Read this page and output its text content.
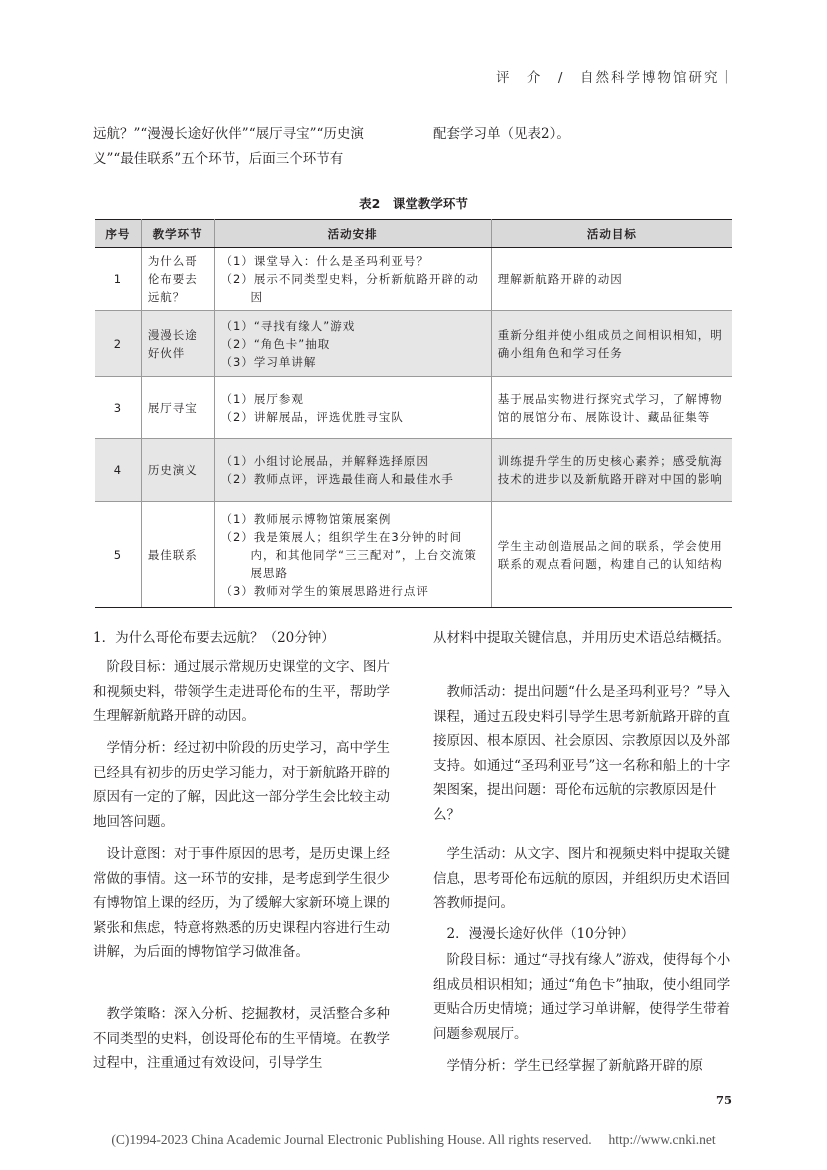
评　介　/　自然科学博物馆研究｜
远航？”“漫漫长途好伙伴”“展厅寻宝”“历史演义”“最佳联系”五个环节，后面三个环节有
配套学习单（见表2）。
表2　课堂教学环节
序号	教学环节	活动安排	活动目标
1	为什么哥伦布要去远航？	（1）课堂导入：什么是圣玛利亚号？
（2）展示不同类型史料，分析新航路开辟的动因	理解新航路开辟的动因
2	漫漫长途好伙伴	（1）“寻找有缘人”游戏
（2）“角色卡”抽取
（3）学习单讲解	重新分组并使小组成员之间相识相知，明确小组角色和学习任务
3	展厅寻宝	（1）展厅参观
（2）讲解展品，评选优胜寻宝队	基于展品实物进行探究式学习，了解博物馆的展馆分布、展陈设计、藏品征集等
4	历史演义	（1）小组讨论展品，并解释选择原因
（2）教师点评，评选最佳商人和最佳水手	训练提升学生的历史核心素养；感受航海技术的进步以及新航路开辟对中国的影响
5	最佳联系	（1）教师展示博物馆策展案例
（2）我是策展人；组织学生在3分钟的时间内，和其他同学“三三配对”，上台交流策展思路
（3）教师对学生的策展思路进行点评	学生主动创造展品之间的联系，学会使用联系的观点看问题，构建自己的认知结构
1．为什么哥伦布要去远航？（20分钟）
阶段目标：通过展示常规历史课堂的文字、图片和视频史料，带领学生走进哥伦布的生平，帮助学生理解新航路开辟的动因。
学情分析：经过初中阶段的历史学习，高中学生已经具有初步的历史学习能力，对于新航路开辟的原因有一定的了解，因此这一部分学生会比较主动地回答问题。
设计意图：对于事件原因的思考，是历史课上经常做的事情。这一环节的安排，是考虑到学生很少有博物馆上课的经历，为了缓解大家新环境上课的紧张和焦虑，特意将熟悉的历史课程内容进行生动讲解，为后面的博物馆学习做准备。
教学策略：深入分析、挖掘教材，灵活整合多种不同类型的史料，创设哥伦布的生平情境。在教学过程中，注重通过有效设问，引导学生
从材料中提取关键信息，并用历史术语总结概括。
教师活动：提出问题“什么是圣玛利亚号？”导入课程，通过五段史料引导学生思考新航路开辟的直接原因、根本原因、社会原因、宗教原因以及外部支持。如通过“圣玛利亚号”这一名称和船上的十字架图案，提出问题：哥伦布远航的宗教原因是什么？
学生活动：从文字、图片和视频史料中提取关键信息，思考哥伦布远航的原因，并组织历史术语回答教师提问。
2．漫漫长途好伙伴（10分钟）
阶段目标：通过“寻找有缘人”游戏，使得每个小组成员相识相知；通过“角色卡”抽取，使小组同学更贴合历史情境；通过学习单讲解，使得学生带着问题参观展厅。
学情分析：学生已经掌握了新航路开辟的原
75
(C)1994-2023 China Academic Journal Electronic Publishing House. All rights reserved.　 http://www.cnki.net
